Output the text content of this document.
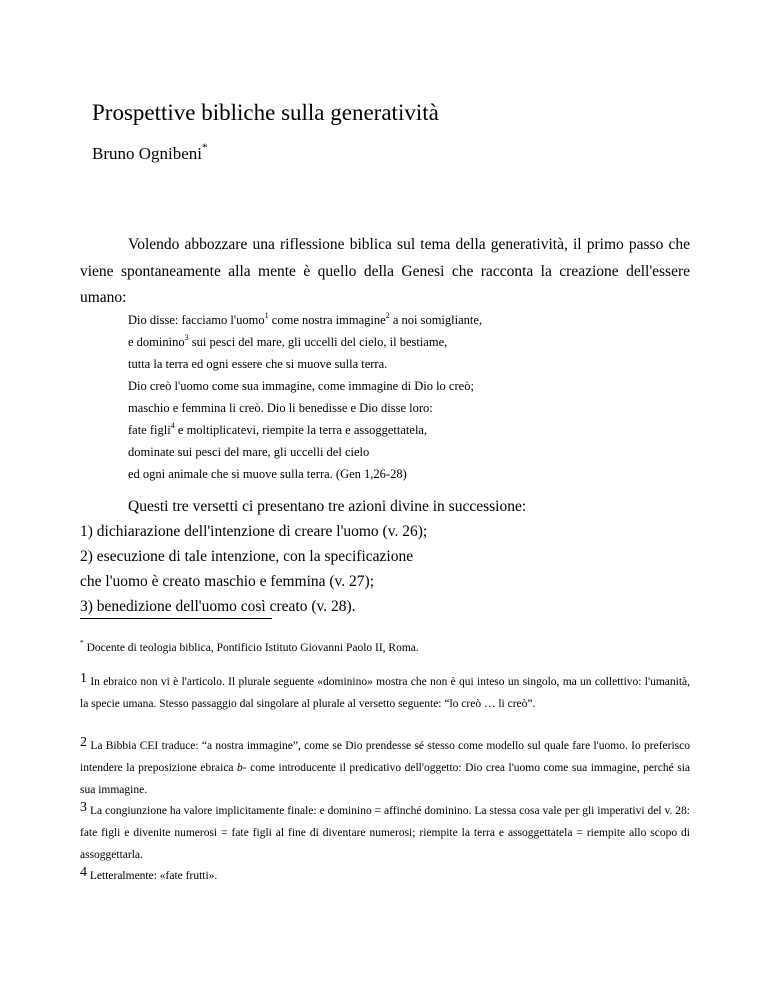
Prospettive bibliche sulla generatività
Bruno Ognibeni*

Volendo abbozzare una riflessione biblica sul tema della generatività, il primo passo che viene spontaneamente alla mente è quello della Genesi che racconta la creazione dell'essere umano:

Dio disse: facciamo l'uomo$^1$ come nostra immagine$^2$ a noi somigliante,
e dominino$^3$ sui pesci del mare, gli uccelli del cielo, il bestiame,
tutta la terra ed ogni essere che si muove sulla terra.
Dio creò l'uomo come sua immagine, come immagine di Dio lo creò;
maschio e femmina li creò. Dio li benedisse e Dio disse loro:
fate figli$^4$ e moltiplicatevi, riempite la terra e assoggettatela,
dominate sui pesci del mare, gli uccelli del cielo
ed ogni animale che si muove sulla terra. (Gen 1,26-28)
Questi tre versetti ci presentano tre azioni divine in successione:
1) dichiarazione dell'intenzione di creare l'uomo (v. 26);
2) esecuzione di tale intenzione, con la specificazione
che l'uomo è creato maschio e femmina (v. 27);
3) benedizione dell'uomo così creato (v. 28).
* Docente di teologia biblica, Pontificio Istituto Giovanni Paolo II, Roma.
1 In ebraico non vi è l'articolo. Il plurale seguente «dominino» mostra che non è qui inteso un singolo, ma un collettivo: l'umanità, la specie umana. Stesso passaggio dal singolare al plurale al versetto seguente: “lo creò … li creò”.
2 La Bibbia CEI traduce: “a nostra immagine”, come se Dio prendesse sé stesso come modello sul quale fare l'uomo. Io preferisco intendere la preposizione ebraica b- come introducente il predicativo dell'oggetto: Dio crea l'uomo come sua immagine, perché sia sua immagine.
3 La congiunzione ha valore implicitamente finale: e dominino = affinché dominino. La stessa cosa vale per gli imperativi del v. 28: fate figli e divenite numerosi = fate figli al fine di diventare numerosi; riempite la terra e assoggettatela = riempite allo scopo di assoggettarla.
4 Letteralmente: «fate frutti».
